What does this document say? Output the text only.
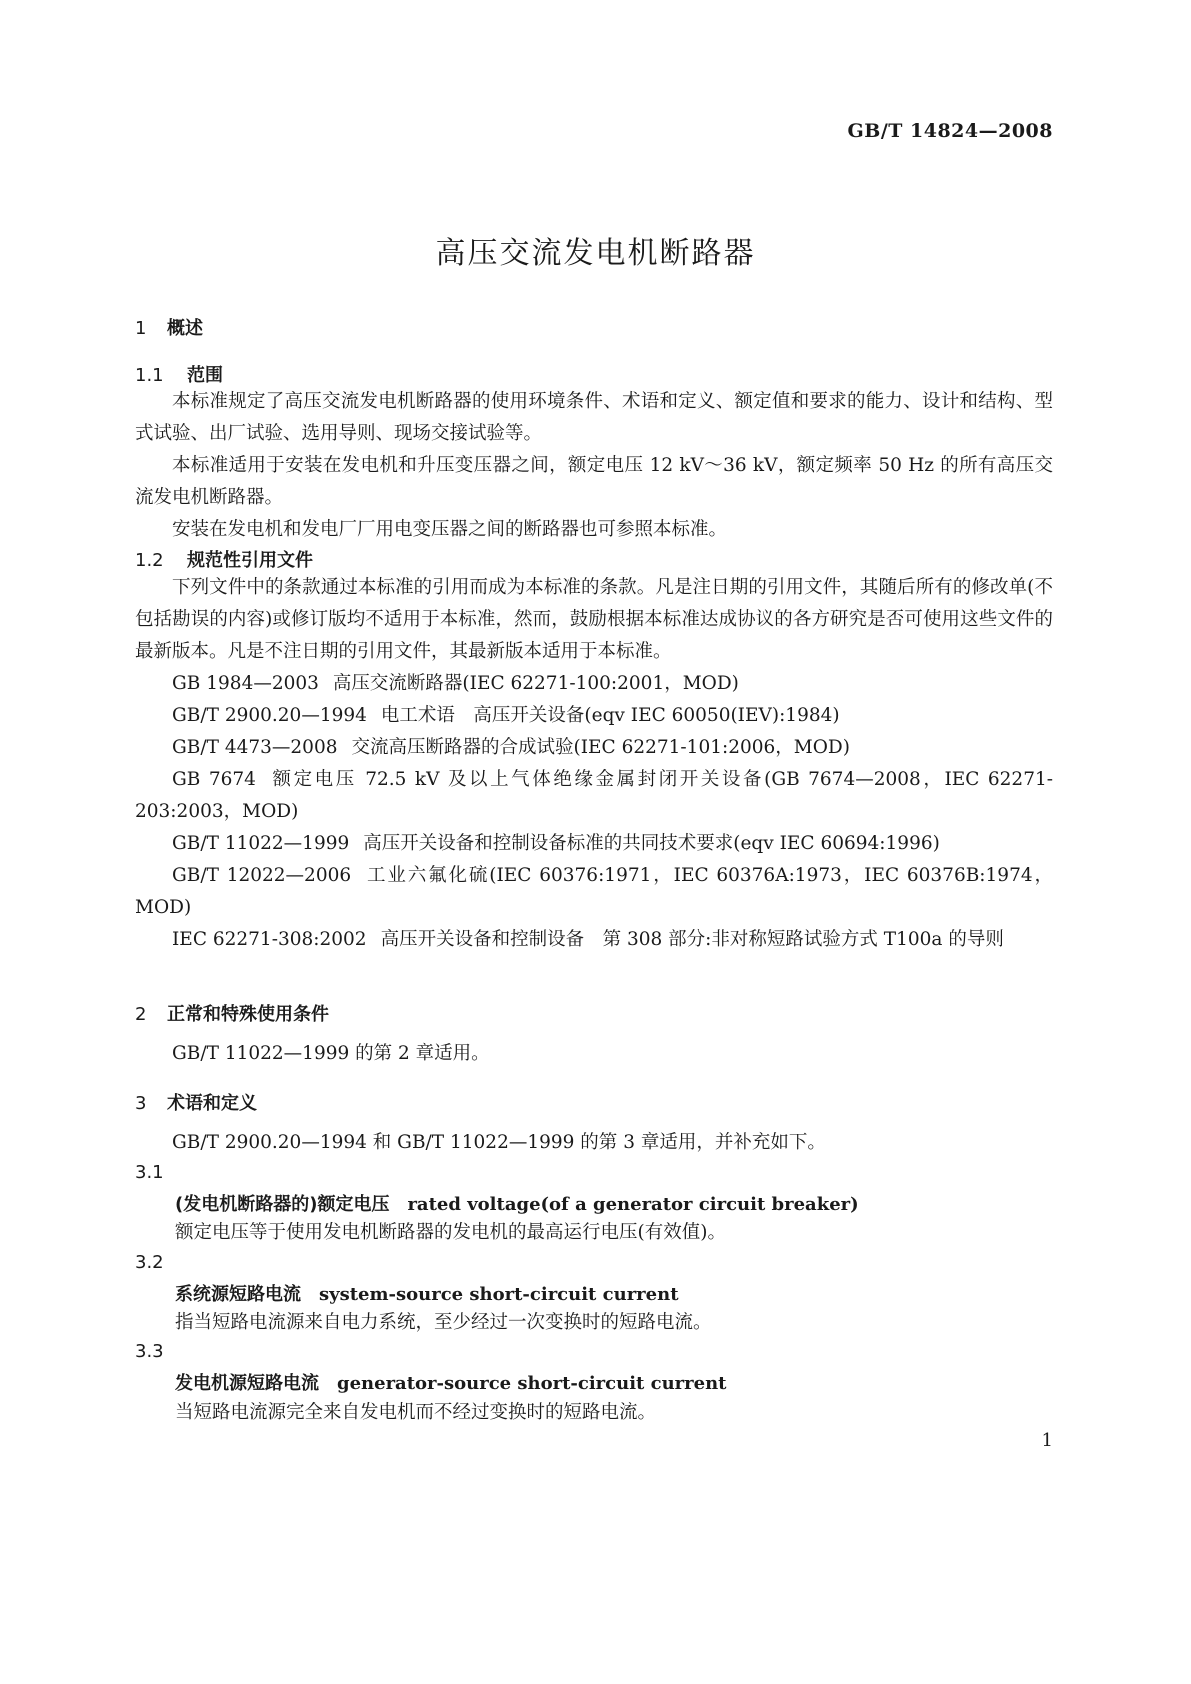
GB/T 14824—2008
高压交流发电机断路器
1 概述
1.1 范围

本标准规定了高压交流发电机断路器的使用环境条件、术语和定义、额定值和要求的能力、设计和结构、型式试验、出厂试验、选用导则、现场交接试验等。

本标准适用于安装在发电机和升压变压器之间，额定电压 12 kV～36 kV，额定频率 50 Hz 的所有高压交流发电机断路器。

安装在发电机和发电厂厂用电变压器之间的断路器也可参照本标准。

1.2 规范性引用文件

下列文件中的条款通过本标准的引用而成为本标准的条款。凡是注日期的引用文件，其随后所有的修改单(不包括勘误的内容)或修订版均不适用于本标准，然而，鼓励根据本标准达成协议的各方研究是否可使用这些文件的最新版本。凡是不注日期的引用文件，其最新版本适用于本标准。

GB 1984—2003 高压交流断路器(IEC 62271-100:2001，MOD)

GB/T 2900.20—1994 电工术语　高压开关设备(eqv IEC 60050(IEV):1984)

GB/T 4473—2008 交流高压断路器的合成试验(IEC 62271-101:2006，MOD)

GB 7674 额定电压 72.5 kV 及以上气体绝缘金属封闭开关设备(GB 7674—2008，IEC 62271-203:2003，MOD)

GB/T 11022—1999 高压开关设备和控制设备标准的共同技术要求(eqv IEC 60694:1996)

GB/T 12022—2006 工业六氟化硫(IEC 60376:1971，IEC 60376A:1973，IEC 60376B:1974，MOD)

IEC 62271-308:2002 高压开关设备和控制设备　第 308 部分:非对称短路试验方式 T100a 的导则

2 正常和特殊使用条件

GB/T 11022—1999 的第 2 章适用。

3 术语和定义

GB/T 2900.20—1994 和 GB/T 11022—1999 的第 3 章适用，并补充如下。

3.1
(发电机断路器的)额定电压 rated voltage(of a generator circuit breaker)
额定电压等于使用发电机断路器的发电机的最高运行电压(有效值)。
3.2
系统源短路电流 system-source short-circuit current
指当短路电流源来自电力系统，至少经过一次变换时的短路电流。
3.3
发电机源短路电流 generator-source short-circuit current
当短路电流源完全来自发电机而不经过变换时的短路电流。
1
